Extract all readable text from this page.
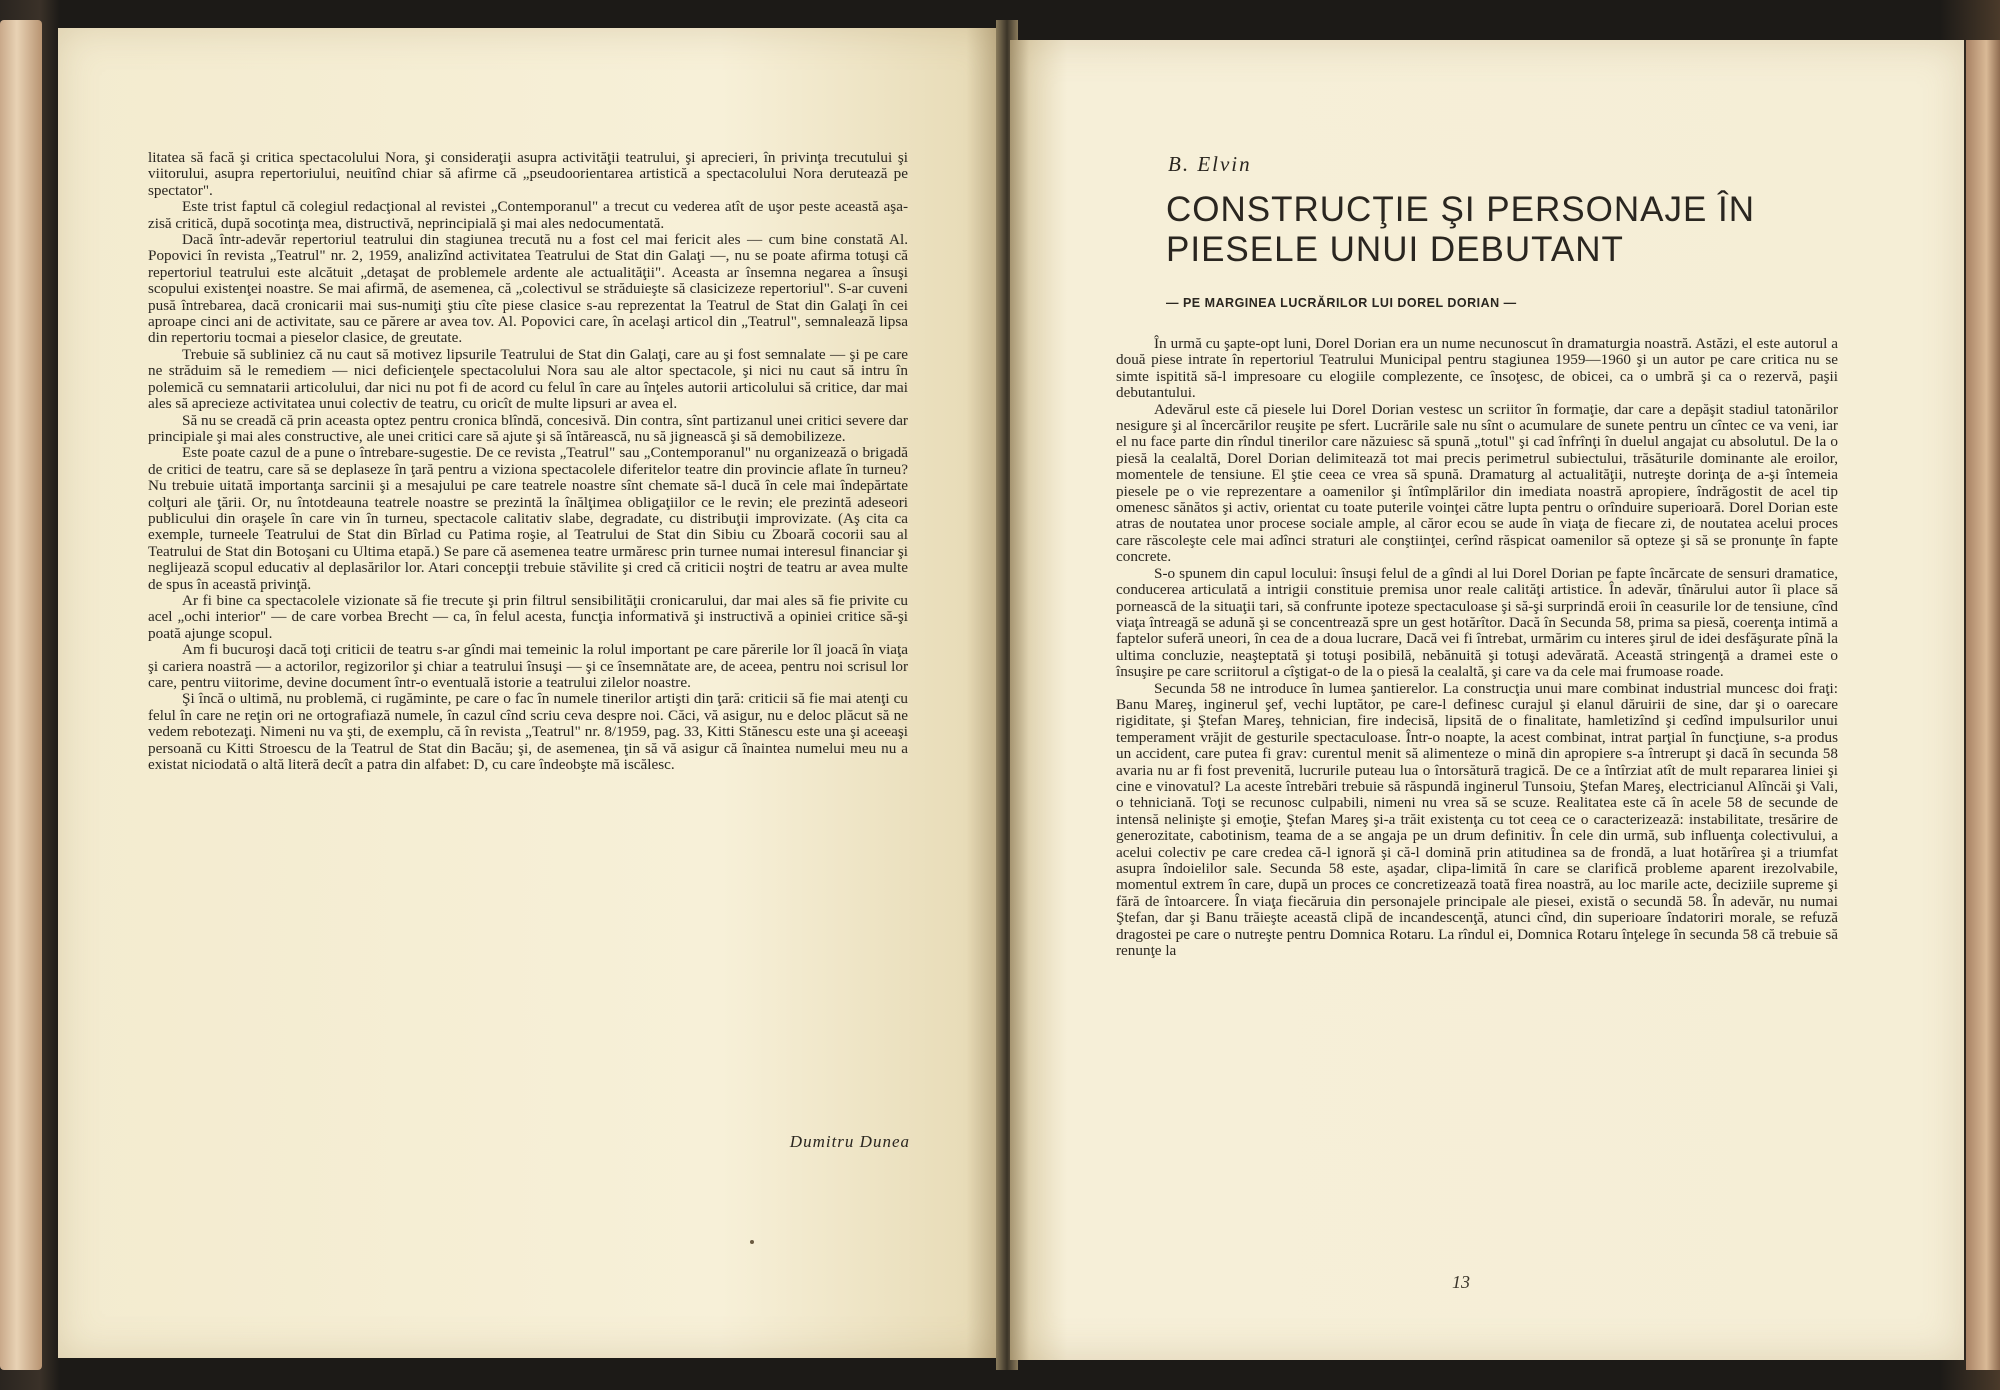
litatea să facă şi critica spectacolului Nora, şi consideraţii asupra activităţii teatrului, şi aprecieri, în privinţa trecutului şi viitorului, asupra repertoriului, neuitînd chiar să afirme că „pseudoorientarea artistică a spectacolului Nora derutează pe spectator".

Este trist faptul că colegiul redacţional al revistei „Contemporanul" a trecut cu vederea atît de uşor peste această aşa-zisă critică, după socotinţa mea, distructivă, neprincipială şi mai ales nedocumentată.

Dacă într-adevăr repertoriul teatrului din stagiunea trecută nu a fost cel mai fericit ales — cum bine constată Al. Popovici în revista „Teatrul" nr. 2, 1959, analizînd activitatea Teatrului de Stat din Galaţi —, nu se poate afirma totuşi că repertoriul teatrului este alcătuit „detaşat de problemele ardente ale actualităţii". Aceasta ar însemna negarea a însuşi scopului existenţei noastre. Se mai afirmă, de asemenea, că „colectivul se străduieşte să clasicizeze repertoriul". S-ar cuveni pusă întrebarea, dacă cronicarii mai sus-numiţi ştiu cîte piese clasice s-au reprezentat la Teatrul de Stat din Galaţi în cei aproape cinci ani de activitate, sau ce părere ar avea tov. Al. Popovici care, în acelaşi articol din „Teatrul", semnalează lipsa din repertoriu tocmai a pieselor clasice, de greutate.

Trebuie să subliniez că nu caut să motivez lipsurile Teatrului de Stat din Galaţi, care au şi fost semnalate — şi pe care ne străduim să le remediem — nici deficienţele spectacolului Nora sau ale altor spectacole, şi nici nu caut să intru în polemică cu semnatarii articolului, dar nici nu pot fi de acord cu felul în care au înţeles autorii articolului să critice, dar mai ales să aprecieze activitatea unui colectiv de teatru, cu oricît de multe lipsuri ar avea el.

Să nu se creadă că prin aceasta optez pentru cronica blîndă, concesivă. Din contra, sînt partizanul unei critici severe dar principiale şi mai ales constructive, ale unei critici care să ajute şi să întărească, nu să jignească şi să demobilizeze.

Este poate cazul de a pune o întrebare-sugestie. De ce revista „Teatrul" sau „Contemporanul" nu organizează o brigadă de critici de teatru, care să se deplaseze în ţară pentru a viziona spectacolele diferitelor teatre din provincie aflate în turneu? Nu trebuie uitată importanţa sarcinii şi a mesajului pe care teatrele noastre sînt chemate să-l ducă în cele mai îndepărtate colţuri ale ţării. Or, nu întotdeauna teatrele noastre se prezintă la înălţimea obligaţiilor ce le revin; ele prezintă adeseori publicului din oraşele în care vin în turneu, spectacole calitativ slabe, degradate, cu distribuţii improvizate. (Aş cita ca exemple, turneele Teatrului de Stat din Bîrlad cu Patima roşie, al Teatrului de Stat din Sibiu cu Zboară cocorii sau al Teatrului de Stat din Botoşani cu Ultima etapă.) Se pare că asemenea teatre urmăresc prin turnee numai interesul financiar şi neglijează scopul educativ al deplasărilor lor. Atari concepţii trebuie stăvilite şi cred că criticii noştri de teatru ar avea multe de spus în această privinţă.

Ar fi bine ca spectacolele vizionate să fie trecute şi prin filtrul sensibilităţii cronicarului, dar mai ales să fie privite cu acel „ochi interior" — de care vorbea Brecht — ca, în felul acesta, funcţia informativă şi instructivă a opiniei critice să-şi poată ajunge scopul.

Am fi bucuroşi dacă toţi criticii de teatru s-ar gîndi mai temeinic la rolul important pe care părerile lor îl joacă în viaţa şi cariera noastră — a actorilor, regizorilor şi chiar a teatrului însuşi — şi ce însemnătate are, de aceea, pentru noi scrisul lor care, pentru viitorime, devine document într-o eventuală istorie a teatrului zilelor noastre.

Şi încă o ultimă, nu problemă, ci rugăminte, pe care o fac în numele tinerilor artişti din ţară: criticii să fie mai atenţi cu felul în care ne reţin ori ne ortografiază numele, în cazul cînd scriu ceva despre noi. Căci, vă asigur, nu e deloc plăcut să ne vedem rebotezaţi. Nimeni nu va şti, de exemplu, că în revista „Teatrul" nr. 8/1959, pag. 33, Kitti Stănescu este una şi aceeaşi persoană cu Kitti Stroescu de la Teatrul de Stat din Bacău; şi, de asemenea, ţin să vă asigur că înaintea numelui meu nu a existat niciodată o altă literă decît a patra din alfabet: D, cu care îndeobşte mă iscălesc.

Dumitru Dunea
B. Elvin
CONSTRUCŢIE ŞI PERSONAJE ÎN PIESELE UNUI DEBUTANT
— PE MARGINEA LUCRĂRILOR LUI DOREL DORIAN —

În urmă cu şapte-opt luni, Dorel Dorian era un nume necunoscut în dramaturgia noastră. Astăzi, el este autorul a două piese intrate în repertoriul Teatrului Municipal pentru stagiunea 1959—1960 şi un autor pe care critica nu se simte ispitită să-l impresoare cu elogiile complezente, ce însoţesc, de obicei, ca o umbră şi ca o rezervă, paşii debutantului.

Adevărul este că piesele lui Dorel Dorian vestesc un scriitor în formaţie, dar care a depăşit stadiul tatonărilor nesigure şi al încercărilor reuşite pe sfert. Lucrările sale nu sînt o acumulare de sunete pentru un cîntec ce va veni, iar el nu face parte din rîndul tinerilor care năzuiesc să spună „totul" şi cad înfrînţi în duelul angajat cu absolutul. De la o piesă la cealaltă, Dorel Dorian delimitează tot mai precis perimetrul subiectului, trăsăturile dominante ale eroilor, momentele de tensiune. El ştie ceea ce vrea să spună. Dramaturg al actualităţii, nutreşte dorinţa de a-şi întemeia piesele pe o vie reprezentare a oamenilor şi întîmplărilor din imediata noastră apropiere, îndrăgostit de acel tip omenesc sănătos şi activ, orientat cu toate puterile voinţei către lupta pentru o orînduire superioară. Dorel Dorian este atras de noutatea unor procese sociale ample, al căror ecou se aude în viaţa de fiecare zi, de noutatea acelui proces care răscoleşte cele mai adînci straturi ale conştiinţei, cerînd răspicat oamenilor să opteze şi să se pronunţe în fapte concrete.

S-o spunem din capul locului: însuşi felul de a gîndi al lui Dorel Dorian pe fapte încărcate de sensuri dramatice, conducerea articulată a intrigii constituie premisa unor reale calităţi artistice. În adevăr, tînărului autor îi place să pornească de la situaţii tari, să confrunte ipoteze spectaculoase şi să-şi surprindă eroii în ceasurile lor de tensiune, cînd viaţa întreagă se adună şi se concentrează spre un gest hotărîtor. Dacă în Secunda 58, prima sa piesă, coerenţa intimă a faptelor suferă uneori, în cea de a doua lucrare, Dacă vei fi întrebat, urmărim cu interes şirul de idei desfăşurate pînă la ultima concluzie, neaşteptată şi totuşi posibilă, nebănuită şi totuşi adevărată. Această stringenţă a dramei este o însuşire pe care scriitorul a cîştigat-o de la o piesă la cealaltă, şi care va da cele mai frumoase roade.

Secunda 58 ne introduce în lumea şantierelor. La construcţia unui mare combinat industrial muncesc doi fraţi: Banu Mareş, inginerul şef, vechi luptător, pe care-l definesc curajul şi elanul dăruirii de sine, dar şi o oarecare rigiditate, şi Ştefan Mareş, tehnician, fire indecisă, lipsită de o finalitate, hamletizînd şi cedînd impulsurilor unui temperament vrăjit de gesturile spectaculoase. Într-o noapte, la acest combinat, intrat parţial în funcţiune, s-a produs un accident, care putea fi grav: curentul menit să alimenteze o mină din apropiere s-a întrerupt şi dacă în secunda 58 avaria nu ar fi fost prevenită, lucrurile puteau lua o întorsătură tragică. De ce a întîrziat atît de mult repararea liniei şi cine e vinovatul? La aceste întrebări trebuie să răspundă inginerul Tunsoiu, Ştefan Mareş, electricianul Alîncăi şi Vali, o tehniciană. Toţi se recunosc culpabili, nimeni nu vrea să se scuze. Realitatea este că în acele 58 de secunde de intensă nelinişte şi emoţie, Ştefan Mareş şi-a trăit existenţa cu tot ceea ce o caracterizează: instabilitate, tresărire de generozitate, cabotinism, teama de a se angaja pe un drum definitiv. În cele din urmă, sub influenţa colectivului, a acelui colectiv pe care credea că-l ignoră şi că-l domină prin atitudinea sa de frondă, a luat hotărîrea şi a triumfat asupra îndoielilor sale. Secunda 58 este, aşadar, clipa-limită în care se clarifică probleme aparent irezolvabile, momentul extrem în care, după un proces ce concretizează toată firea noastră, au loc marile acte, deciziile supreme şi fără de întoarcere. În viaţa fiecăruia din personajele principale ale piesei, există o secundă 58. În adevăr, nu numai Ştefan, dar şi Banu trăieşte această clipă de incandescenţă, atunci cînd, din superioare îndatoriri morale, se refuză dragostei pe care o nutreşte pentru Domnica Rotaru. La rîndul ei, Domnica Rotaru înţelege în secunda 58 că trebuie să renunţe la

13
